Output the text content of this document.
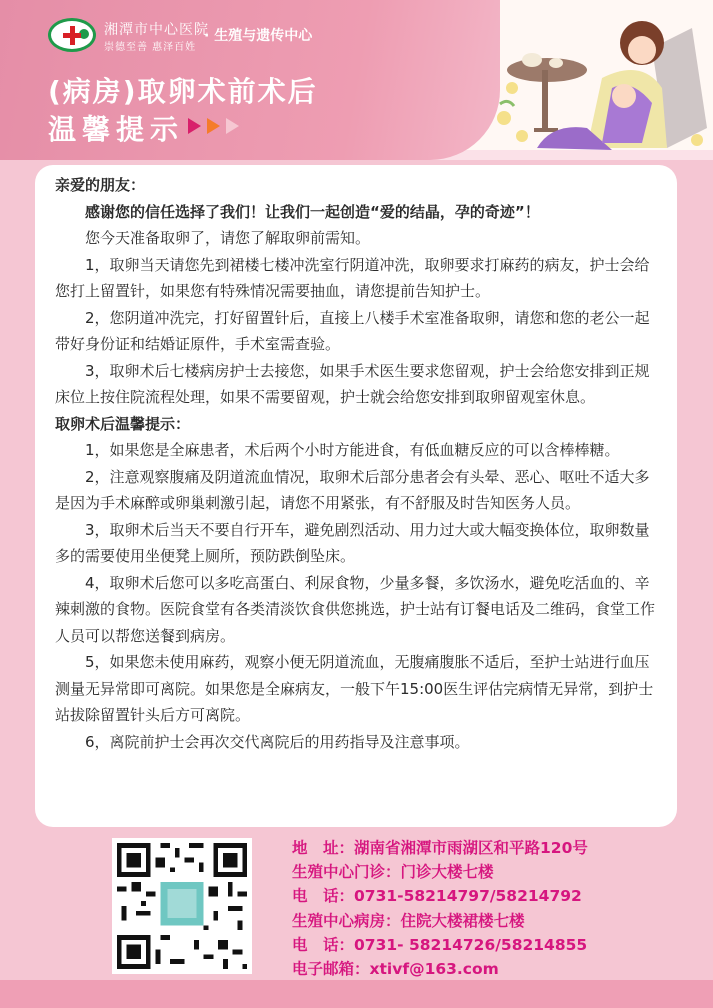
湘潭市中心医院
崇德至善 惠泽百姓
· 生殖与遗传中心
(病房)取卵术前术后
温馨提示

亲爱的朋友：

感谢您的信任选择了我们！让我们一起创造“爱的结晶，孕的奇迹”！

您今天准备取卵了，请您了解取卵前需知。

1，取卵当天请您先到裙楼七楼冲洗室行阴道冲洗，取卵要求打麻药的病友，护士会给您打上留置针，如果您有特殊情况需要抽血，请您提前告知护士。

2，您阴道冲洗完，打好留置针后，直接上八楼手术室准备取卵，请您和您的老公一起带好身份证和结婚证原件，手术室需查验。

3，取卵术后七楼病房护士去接您，如果手术医生要求您留观，护士会给您安排到正规床位上按住院流程处理，如果不需要留观，护士就会给您安排到取卵留观室休息。

取卵术后温馨提示：

1，如果您是全麻患者，术后两个小时方能进食，有低血糖反应的可以含棒棒糖。

2，注意观察腹痛及阴道流血情况，取卵术后部分患者会有头晕、恶心、呕吐不适大多是因为手术麻醉或卵巢刺激引起，请您不用紧张，有不舒服及时告知医务人员。

3，取卵术后当天不要自行开车，避免剧烈活动、用力过大或大幅变换体位，取卵数量多的需要使用坐便凳上厕所，预防跌倒坠床。

4，取卵术后您可以多吃高蛋白、利尿食物，少量多餐，多饮汤水，避免吃活血的、辛辣刺激的食物。医院食堂有各类清淡饮食供您挑选，护士站有订餐电话及二维码，食堂工作人员可以帮您送餐到病房。

5，如果您未使用麻药，观察小便无阴道流血，无腹痛腹胀不适后，至护士站进行血压测量无异常即可离院。如果您是全麻病友，一般下午15:00医生评估完病情无异常，到护士站拔除留置针头后方可离院。

6，离院前护士会再次交代离院后的用药指导及注意事项。

地　址：湖南省湘潭市雨湖区和平路120号
生殖中心门诊：门诊大楼七楼
电　话：0731-58214797/58214792
生殖中心病房：住院大楼裙楼七楼
电　话：0731- 58214726/58214855
电子邮箱：xtivf@163.com
